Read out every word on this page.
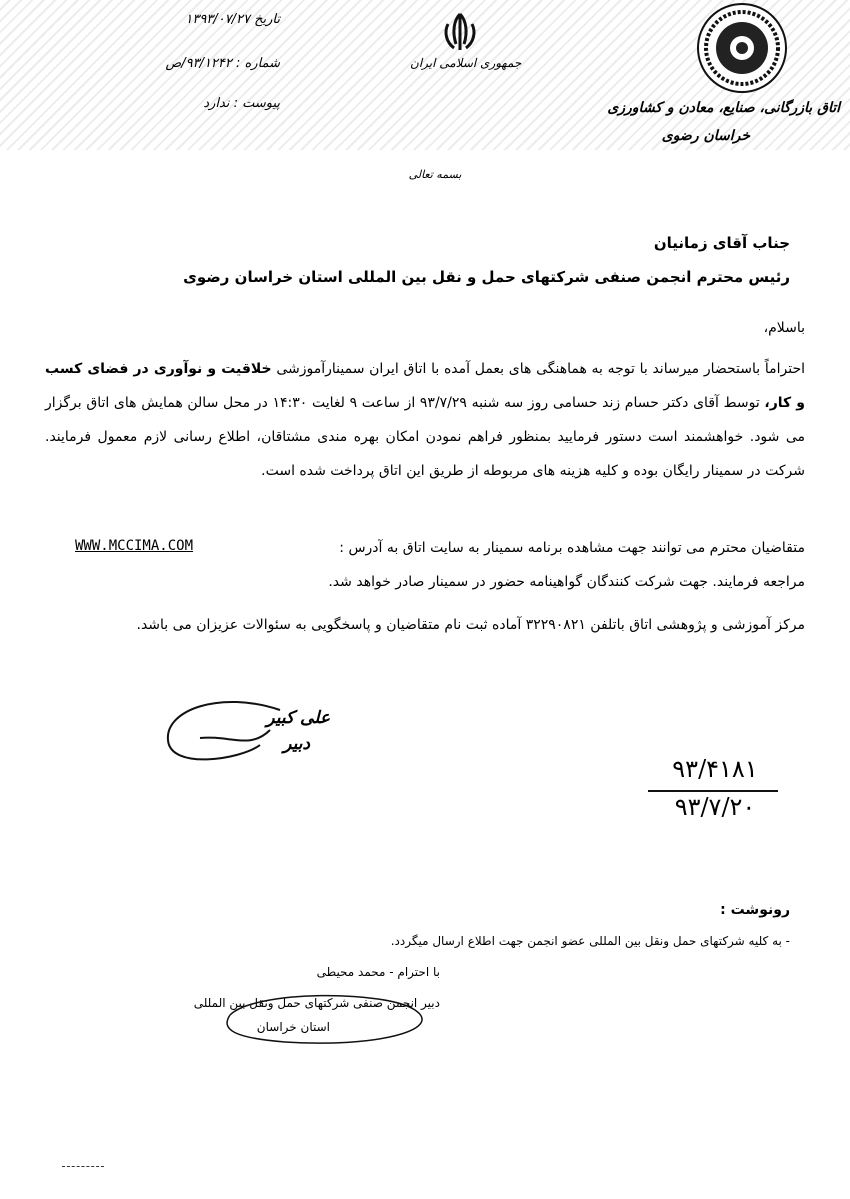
تاریخ ۱۳۹۳/۰۷/۲۷
شماره : ۹۳/۱۲۴۲/ص
پیوست : ندارد
جمهوری اسلامی ایران
اتاق بازرگانی، صنایع، معادن و کشاورزی
خراسان رضوی
بسمه تعالی
جناب آقای زمانیان
رئیس محترم انجمن صنفی شرکتهای حمل و نقل بین المللی استان خراسان رضوی
باسلام،
احتراماً باستحضار میرساند با توجه به هماهنگی های بعمل آمده با اتاق ایران سمینارآموزشی خلاقیت و نوآوری در فضای کسب و کار، توسط آقای دکتر حسام زند حسامی روز سه شنبه ۹۳/۷/۲۹ از ساعت ۹ لغایت ۱۴:۳۰ در محل سالن همایش های اتاق برگزار می شود. خواهشمند است دستور فرمایید بمنظور فراهم نمودن امکان بهره مندی مشتاقان، اطلاع رسانی لازم معمول فرمایند. شرکت در سمینار رایگان بوده و کلیه هزینه های مربوطه از طریق این اتاق پرداخت شده است.
متقاضیان محترم می توانند جهت مشاهده برنامه سمینار به سایت اتاق به آدرس :
WWW.MCCIMA.COM
مراجعه فرمایند. جهت شرکت کنندگان گواهینامه حضور در سمینار صادر خواهد شد.
مرکز آموزشی و پژوهشی اتاق باتلفن ۳۲۲۹۰۸۲۱ آماده ثبت نام متقاضیان و پاسخگویی به سئوالات عزیزان می باشد.
علی کبیر
دبیر
۹۳/۴۱۸۱
۹۳/۷/۲۰
رونوشت :
- به کلیه شرکتهای حمل ونقل بین المللی عضو انجمن جهت اطلاع ارسال میگردد.
با احترام - محمد محیطی
دبیر انجمن صنفی شرکتهای حمل ونقل بین المللی
استان خراسان
